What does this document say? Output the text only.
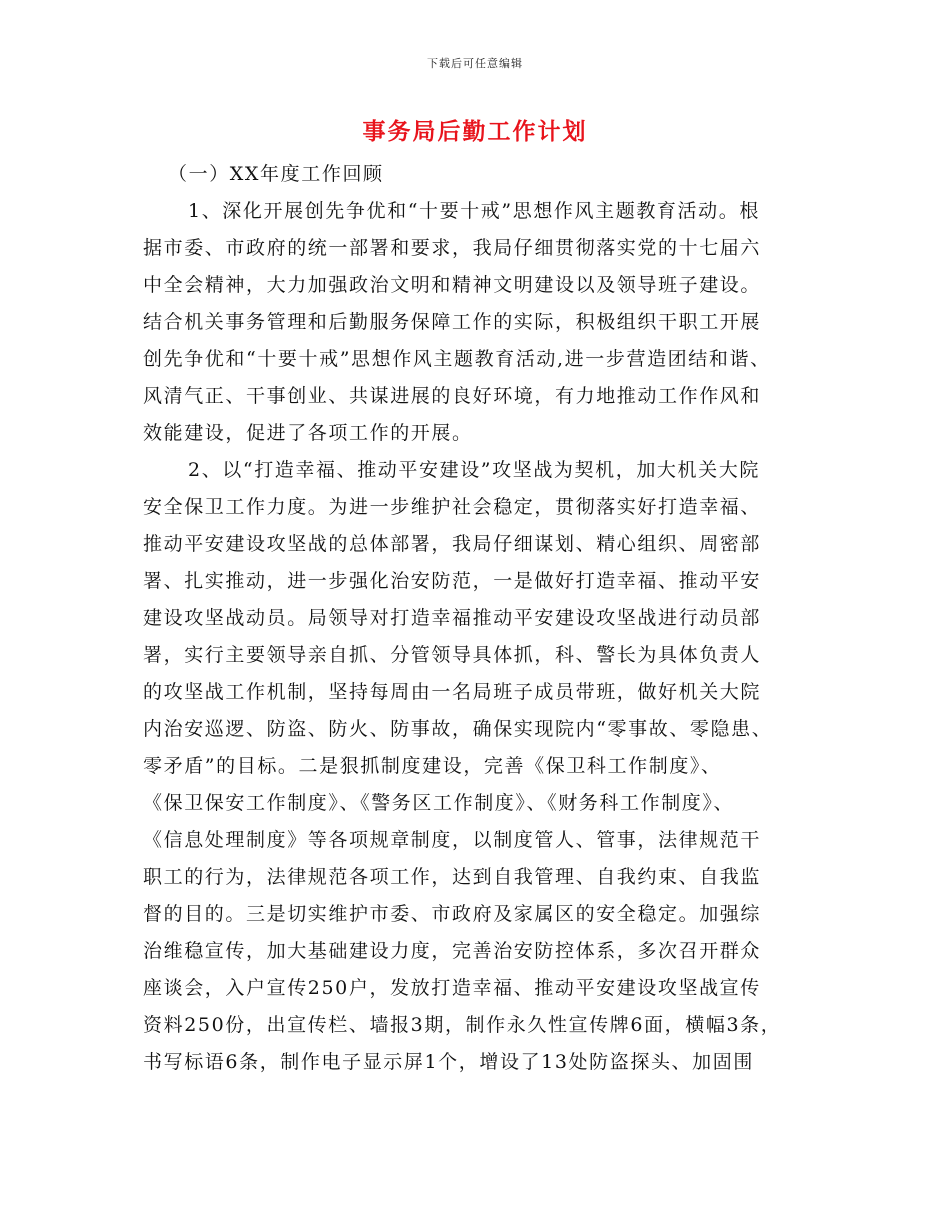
下载后可任意编辑
事务局后勤工作计划
（一）XX年度工作回顾
1、深化开展创先争优和“十要十戒”思想作风主题教育活动。根
据市委、市政府的统一部署和要求，我局仔细贯彻落实党的十七届六
中全会精神，大力加强政治文明和精神文明建设以及领导班子建设。
结合机关事务管理和后勤服务保障工作的实际，积极组织干职工开展
创先争优和“十要十戒”思想作风主题教育活动,进一步营造团结和谐、
风清气正、干事创业、共谋进展的良好环境，有力地推动工作作风和
效能建设，促进了各项工作的开展。
2、以“打造幸福、推动平安建设”攻坚战为契机，加大机关大院
安全保卫工作力度。为进一步维护社会稳定，贯彻落实好打造幸福、
推动平安建设攻坚战的总体部署，我局仔细谋划、精心组织、周密部
署、扎实推动，进一步强化治安防范，一是做好打造幸福、推动平安
建设攻坚战动员。局领导对打造幸福推动平安建设攻坚战进行动员部
署，实行主要领导亲自抓、分管领导具体抓，科、警长为具体负责人
的攻坚战工作机制，坚持每周由一名局班子成员带班，做好机关大院
内治安巡逻、防盗、防火、防事故，确保实现院内“零事故、零隐患、
零矛盾”的目标。二是狠抓制度建设，完善《保卫科工作制度》、
《保卫保安工作制度》、《警务区工作制度》、《财务科工作制度》、
《信息处理制度》等各项规章制度，以制度管人、管事，法律规范干
职工的行为，法律规范各项工作，达到自我管理、自我约束、自我监
督的目的。三是切实维护市委、市政府及家属区的安全稳定。加强综
治维稳宣传，加大基础建设力度，完善治安防控体系，多次召开群众
座谈会，入户宣传250户，发放打造幸福、推动平安建设攻坚战宣传
资料250份，出宣传栏、墙报3期，制作永久性宣传牌6面，横幅3条，
书写标语6条，制作电子显示屏1个，增设了13处防盗探头、加固围
